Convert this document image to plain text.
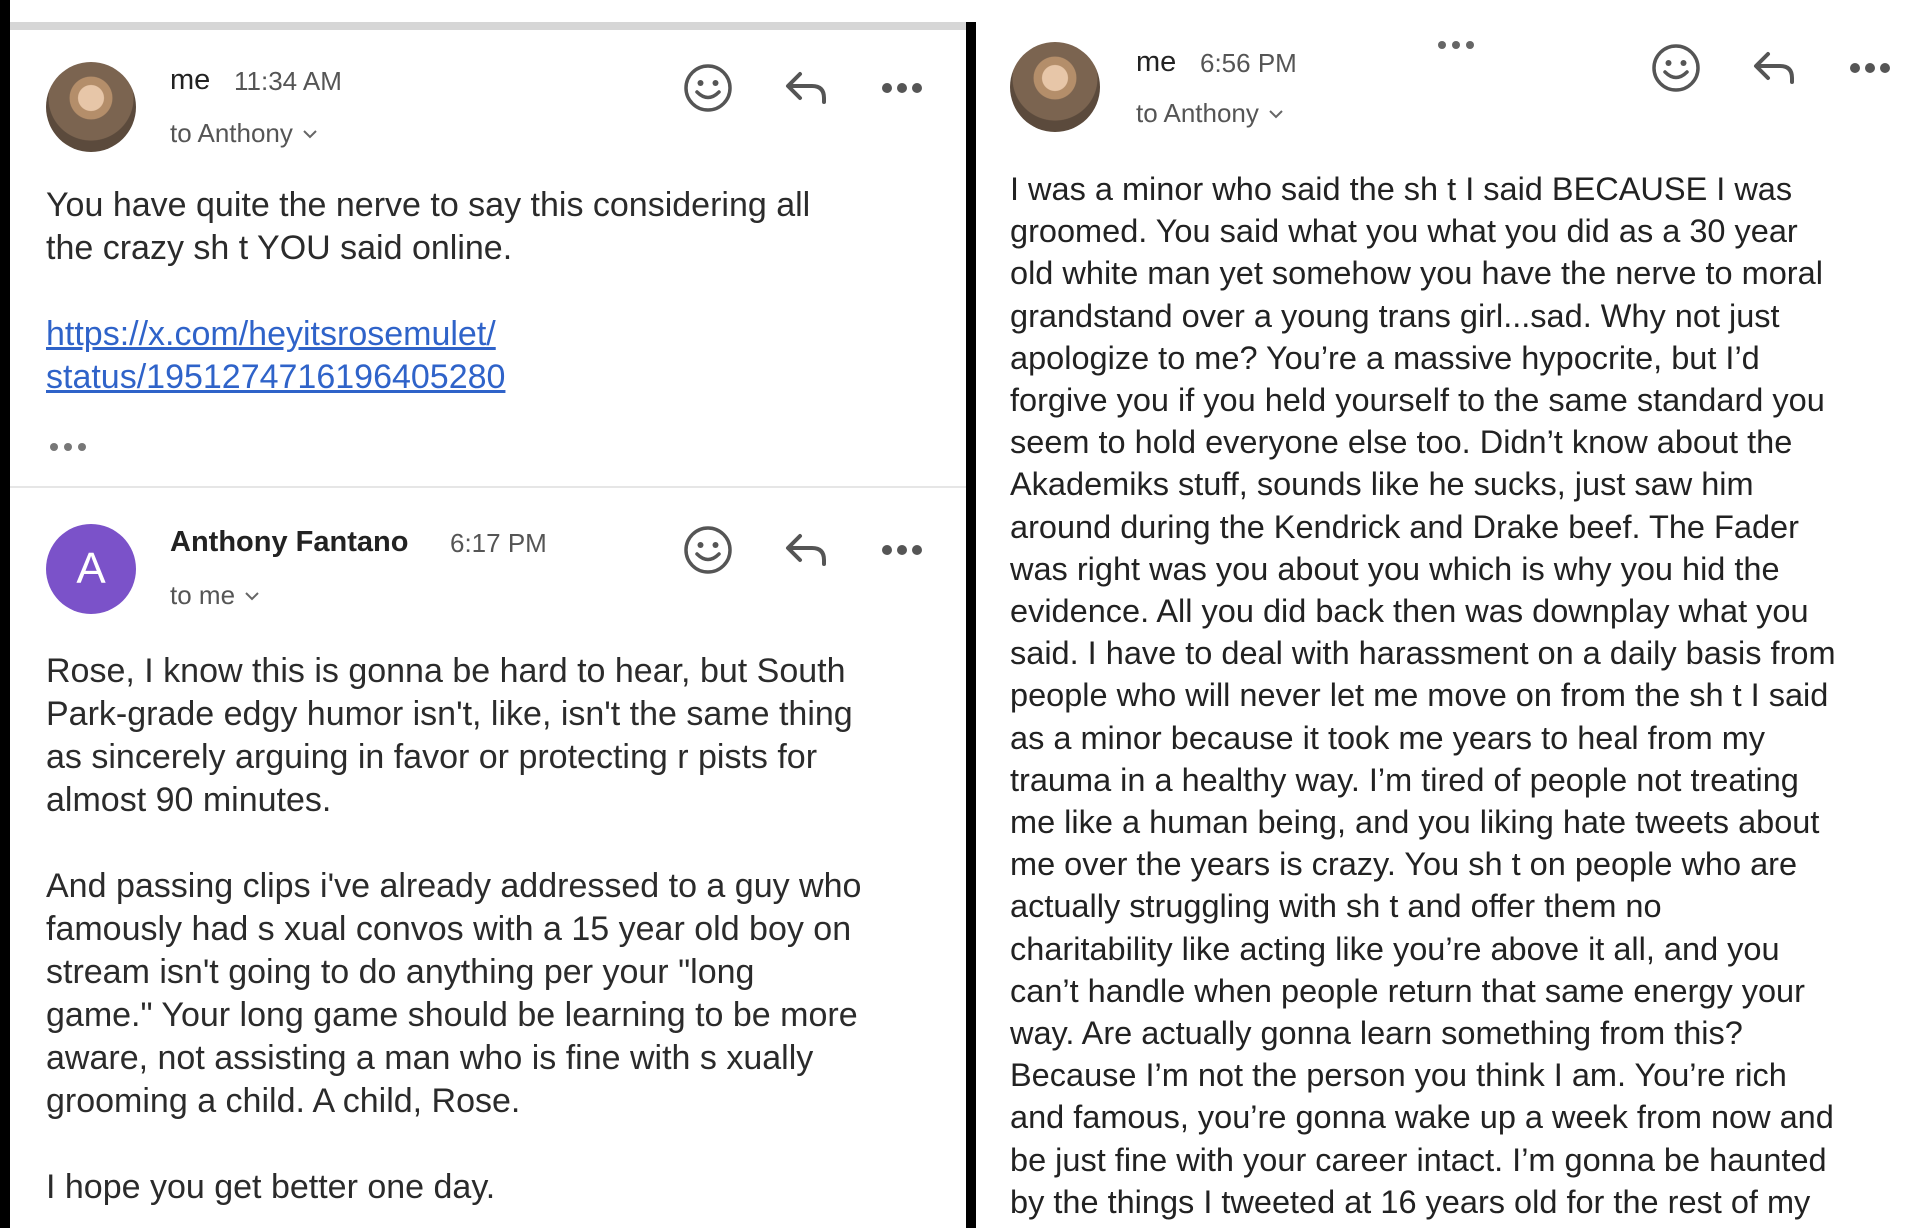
me 11:34 AM
to Anthony

You have quite the nerve to say this considering all

the crazy sh t YOU said online.

https://x.com/heyitsrosemulet/

status/1951274716196405280

A
Anthony Fantano 6:17 PM
to me

Rose, I know this is gonna be hard to hear, but South

Park-grade edgy humor isn't, like, isn't the same thing

as sincerely arguing in favor or protecting r pists for

almost 90 minutes.

And passing clips i've already addressed to a guy who

famously had s xual convos with a 15 year old boy on

stream isn't going to do anything per your "long

game." Your long game should be learning to be more

aware, not assisting a man who is fine with s xually

grooming a child. A child, Rose.

I hope you get better one day.

me 6:56 PM
to Anthony
I was a minor who said the sh t I said BECAUSE I was
groomed. You said what you what you did as a 30 year
old white man yet somehow you have the nerve to moral
grandstand over a young trans girl...sad. Why not just
apologize to me? You’re a massive hypocrite, but I’d
forgive you if you held yourself to the same standard you
seem to hold everyone else too. Didn’t know about the
Akademiks stuff, sounds like he sucks, just saw him
around during the Kendrick and Drake beef. The Fader
was right was you about you which is why you hid the
evidence. All you did back then was downplay what you
said. I have to deal with harassment on a daily basis from
people who will never let me move on from the sh t I said
as a minor because it took me years to heal from my
trauma in a healthy way. I’m tired of people not treating
me like a human being, and you liking hate tweets about
me over the years is crazy. You sh t on people who are
actually struggling with sh t and offer them no
charitability like acting like you’re above it all, and you
can’t handle when people return that same energy your
way. Are actually gonna learn something from this?
Because I’m not the person you think I am. You’re rich
and famous, you’re gonna wake up a week from now and
be just fine with your career intact. I’m gonna be haunted
by the things I tweeted at 16 years old for the rest of my
